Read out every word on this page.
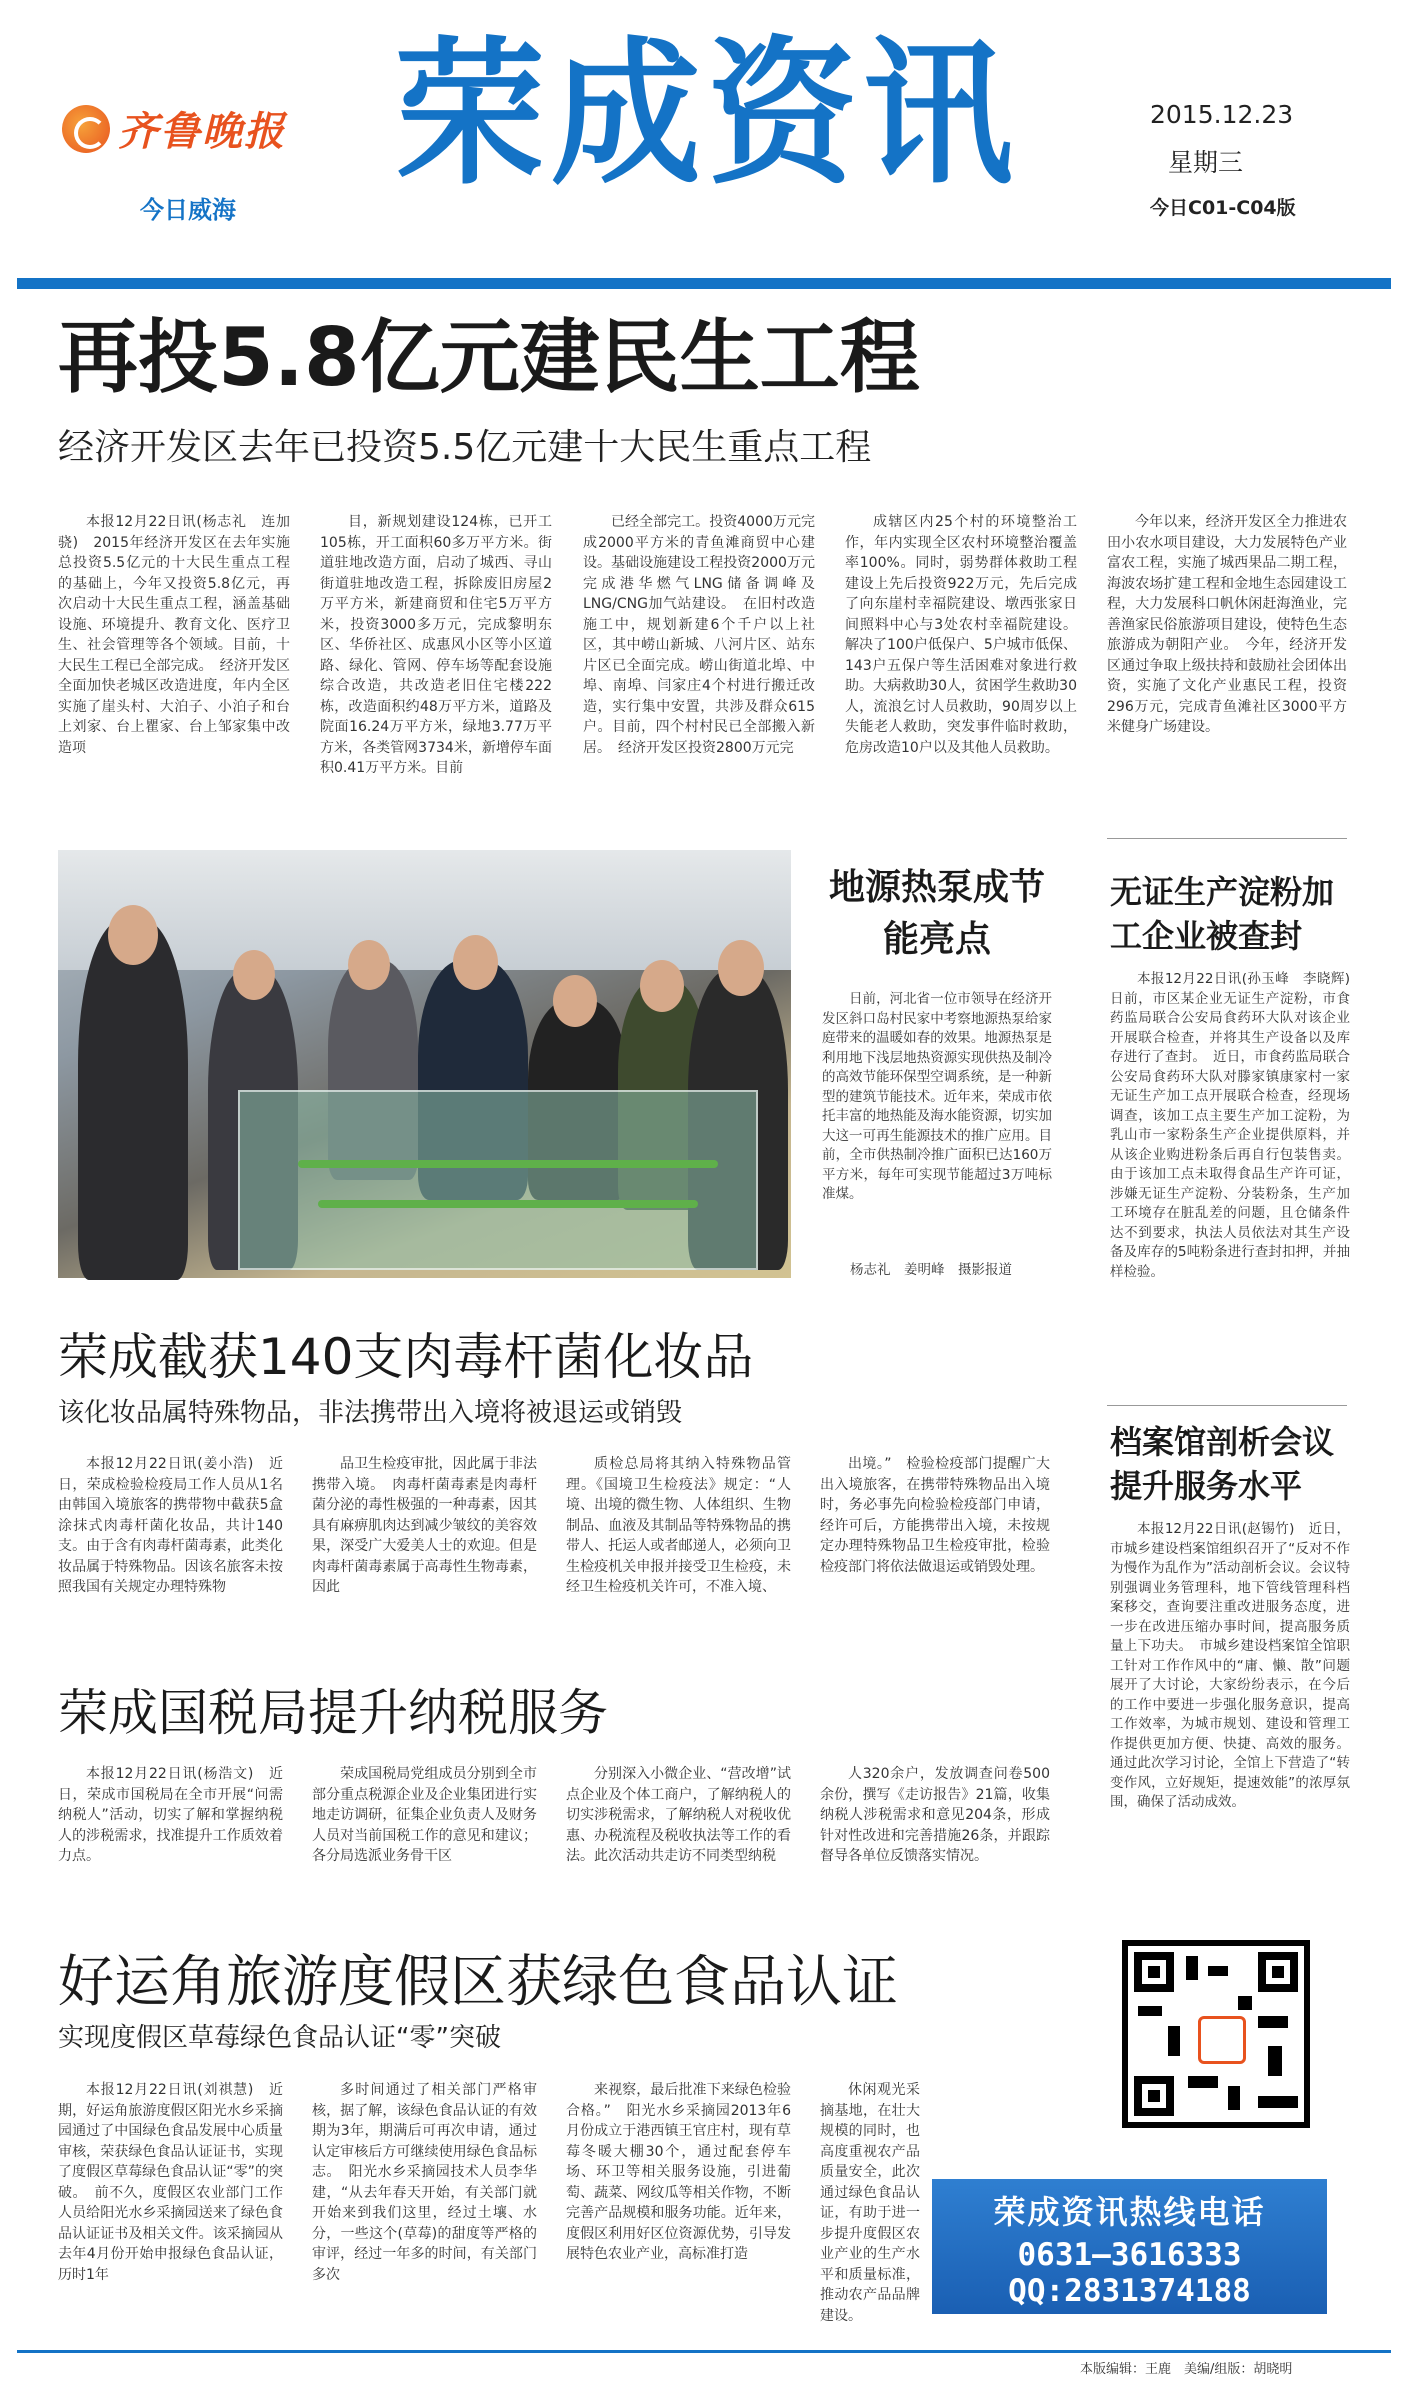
齐鲁晚报
今日威海
荣成资讯	2015.12.23
星期三
今日C01-C04版
再投5.8亿元建民生工程
经济开发区去年已投资5.5亿元建十大民生重点工程

本报12月22日讯(杨志礼　连加骁)　2015年经济开发区在去年实施总投资5.5亿元的十大民生重点工程的基础上，今年又投资5.8亿元，再次启动十大民生重点工程，涵盖基础设施、环境提升、教育文化、医疗卫生、社会管理等各个领域。目前，十大民生工程已全部完成。　经济开发区全面加快老城区改造进度，年内全区实施了崖头村、大泊子、小泊子和台上刘家、台上瞿家、台上邹家集中改造项

目，新规划建设124栋，已开工105栋，开工面积60多万平方米。街道驻地改造方面，启动了城西、寻山街道驻地改造工程，拆除废旧房屋2万平方米，新建商贸和住宅5万平方米，投资3000多万元，完成黎明东区、华侨社区、成惠风小区等小区道路、绿化、管网、停车场等配套设施综合改造，共改造老旧住宅楼222栋，改造面积约48万平方米，道路及院面16.24万平方米，绿地3.77万平方米，各类管网3734米，新增停车面积0.41万平方米。目前

已经全部完工。投资4000万元完成2000平方米的青鱼滩商贸中心建设。基础设施建设工程投资2000万元完成港华燃气LNG储备调峰及LNG/CNG加气站建设。　在旧村改造施工中，规划新建6个千户以上社区，其中崂山新城、八河片区、站东片区已全面完成。崂山街道北埠、中埠、南埠、闫家庄4个村进行搬迁改造，实行集中安置，共涉及群众615户。目前，四个村村民已全部搬入新居。　经济开发区投资2800万元完

成辖区内25个村的环境整治工作，年内实现全区农村环境整治覆盖率100%。同时，弱势群体救助工程建设上先后投资922万元，先后完成了向东崖村幸福院建设、墩西张家日间照料中心与3处农村幸福院建设。解决了100户低保户、5户城市低保、143户五保户等生活困难对象进行救助。大病救助30人，贫困学生救助30人，流浪乞讨人员救助，90周岁以上失能老人救助，突发事件临时救助，危房改造10户以及其他人员救助。

今年以来，经济开发区全力推进农田小农水项目建设，大力发展特色产业富农工程，实施了城西果品二期工程，海波农场扩建工程和金地生态园建设工程，大力发展科口帆休闲赶海渔业，完善渔家民俗旅游项目建设，使特色生态旅游成为朝阳产业。　今年，经济开发区通过争取上级扶持和鼓励社会团体出资，实施了文化产业惠民工程，投资296万元，完成青鱼滩社区3000平方米健身广场建设。

地源热泵成节能亮点

日前，河北省一位市领导在经济开发区斜口岛村民家中考察地源热泵给家庭带来的温暖如春的效果。地源热泵是利用地下浅层地热资源实现供热及制冷的高效节能环保型空调系统，是一种新型的建筑节能技术。近年来，荣成市依托丰富的地热能及海水能资源，切实加大这一可再生能源技术的推广应用。目前，全市供热制冷推广面积已达160万平方米，每年可实现节能超过3万吨标准煤。

杨志礼　姜明峰　摄影报道
无证生产淀粉加工企业被查封

本报12月22日讯(孙玉峰　李晓辉)　日前，市区某企业无证生产淀粉，市食药监局联合公安局食药环大队对该企业开展联合检查，并将其生产设备以及库存进行了查封。　近日，市食药监局联合公安局食药环大队对滕家镇康家村一家无证生产加工点开展联合检查，经现场调查，该加工点主要生产加工淀粉，为乳山市一家粉条生产企业提供原料，并从该企业购进粉条后再自行包装售卖。由于该加工点未取得食品生产许可证，涉嫌无证生产淀粉、分装粉条，生产加工环境存在脏乱差的问题，且仓储条件达不到要求，执法人员依法对其生产设备及库存的5吨粉条进行查封扣押，并抽样检验。

档案馆剖析会议提升服务水平

本报12月22日讯(赵锡竹)　近日，市城乡建设档案馆组织召开了“反对不作为慢作为乱作为”活动剖析会议。会议特别强调业务管理科，地下管线管理科档案移交，查询要注重改进服务态度，进一步在改进压缩办事时间，提高服务质量上下功夫。　市城乡建设档案馆全馆职工针对工作作风中的“庸、懒、散”问题展开了大讨论，大家纷纷表示，在今后的工作中要进一步强化服务意识，提高工作效率，为城市规划、建设和管理工作提供更加方便、快捷、高效的服务。通过此次学习讨论，全馆上下营造了“转变作风，立好规矩，提速效能”的浓厚氛围，确保了活动成效。

荣成截获140支肉毒杆菌化妆品
该化妆品属特殊物品，非法携带出入境将被退运或销毁

本报12月22日讯(姜小浩)　近日，荣成检验检疫局工作人员从1名由韩国入境旅客的携带物中截获5盒涂抹式肉毒杆菌化妆品，共计140支。由于含有肉毒杆菌毒素，此类化妆品属于特殊物品。因该名旅客未按照我国有关规定办理特殊物

品卫生检疫审批，因此属于非法携带入境。　肉毒杆菌毒素是肉毒杆菌分泌的毒性极强的一种毒素，因其具有麻痹肌肉达到减少皱纹的美容效果，深受广大爱美人士的欢迎。但是肉毒杆菌毒素属于高毒性生物毒素，因此

质检总局将其纳入特殊物品管理。《国境卫生检疫法》规定：“人境、出境的微生物、人体组织、生物制品、血液及其制品等特殊物品的携带人、托运人或者邮递人，必须向卫生检疫机关申报并接受卫生检疫，未经卫生检疫机关许可，不准入境、

出境。”　检验检疫部门提醒广大出入境旅客，在携带特殊物品出入境时，务必事先向检验检疫部门申请，经许可后，方能携带出入境，未按规定办理特殊物品卫生检疫审批，检验检疫部门将依法做退运或销毁处理。

荣成国税局提升纳税服务

本报12月22日讯(杨浩文)　近日，荣成市国税局在全市开展“问需纳税人”活动，切实了解和掌握纳税人的涉税需求，找准提升工作质效着力点。

荣成国税局党组成员分别到全市部分重点税源企业及企业集团进行实地走访调研，征集企业负责人及财务人员对当前国税工作的意见和建议；各分局选派业务骨干区

分别深入小微企业、“营改增”试点企业及个体工商户，了解纳税人的切实涉税需求，了解纳税人对税收优惠、办税流程及税收执法等工作的看法。此次活动共走访不同类型纳税

人320余户，发放调查问卷500余份，撰写《走访报告》21篇，收集纳税人涉税需求和意见204条，形成针对性改进和完善措施26条，并跟踪督导各单位反馈落实情况。

好运角旅游度假区获绿色食品认证
实现度假区草莓绿色食品认证“零”突破

本报12月22日讯(刘祺慧)　近期，好运角旅游度假区阳光水乡采摘园通过了中国绿色食品发展中心质量审核，荣获绿色食品认证证书，实现了度假区草莓绿色食品认证“零”的突破。　前不久，度假区农业部门工作人员给阳光水乡采摘园送来了绿色食品认证证书及相关文件。该采摘园从去年4月份开始申报绿色食品认证，历时1年

多时间通过了相关部门严格审核，据了解，该绿色食品认证的有效期为3年，期满后可再次申请，通过认定审核后方可继续使用绿色食品标志。　阳光水乡采摘园技术人员李华建，“从去年春天开始，有关部门就开始来到我们这里，经过土壤、水分，一些这个(草莓)的甜度等严格的审评，经过一年多的时间，有关部门多次

来视察，最后批准下来绿色检验合格。”　阳光水乡采摘园2013年6月份成立于港西镇王官庄村，现有草莓冬暖大棚30个，通过配套停车场、环卫等相关服务设施，引进葡萄、蔬菜、网纹瓜等相关作物，不断完善产品规模和服务功能。近年来，度假区利用好区位资源优势，引导发展特色农业产业，高标准打造

休闲观光采摘基地，在壮大规模的同时，也高度重视农产品质量安全，此次通过绿色食品认证，有助于进一步提升度假区农业产业的生产水平和质量标准，推动农产品品牌建设。

荣成资讯热线电话
0631—3616333
QQ:2831374188
本版编辑：王鹿　美编/组版：胡晓明
